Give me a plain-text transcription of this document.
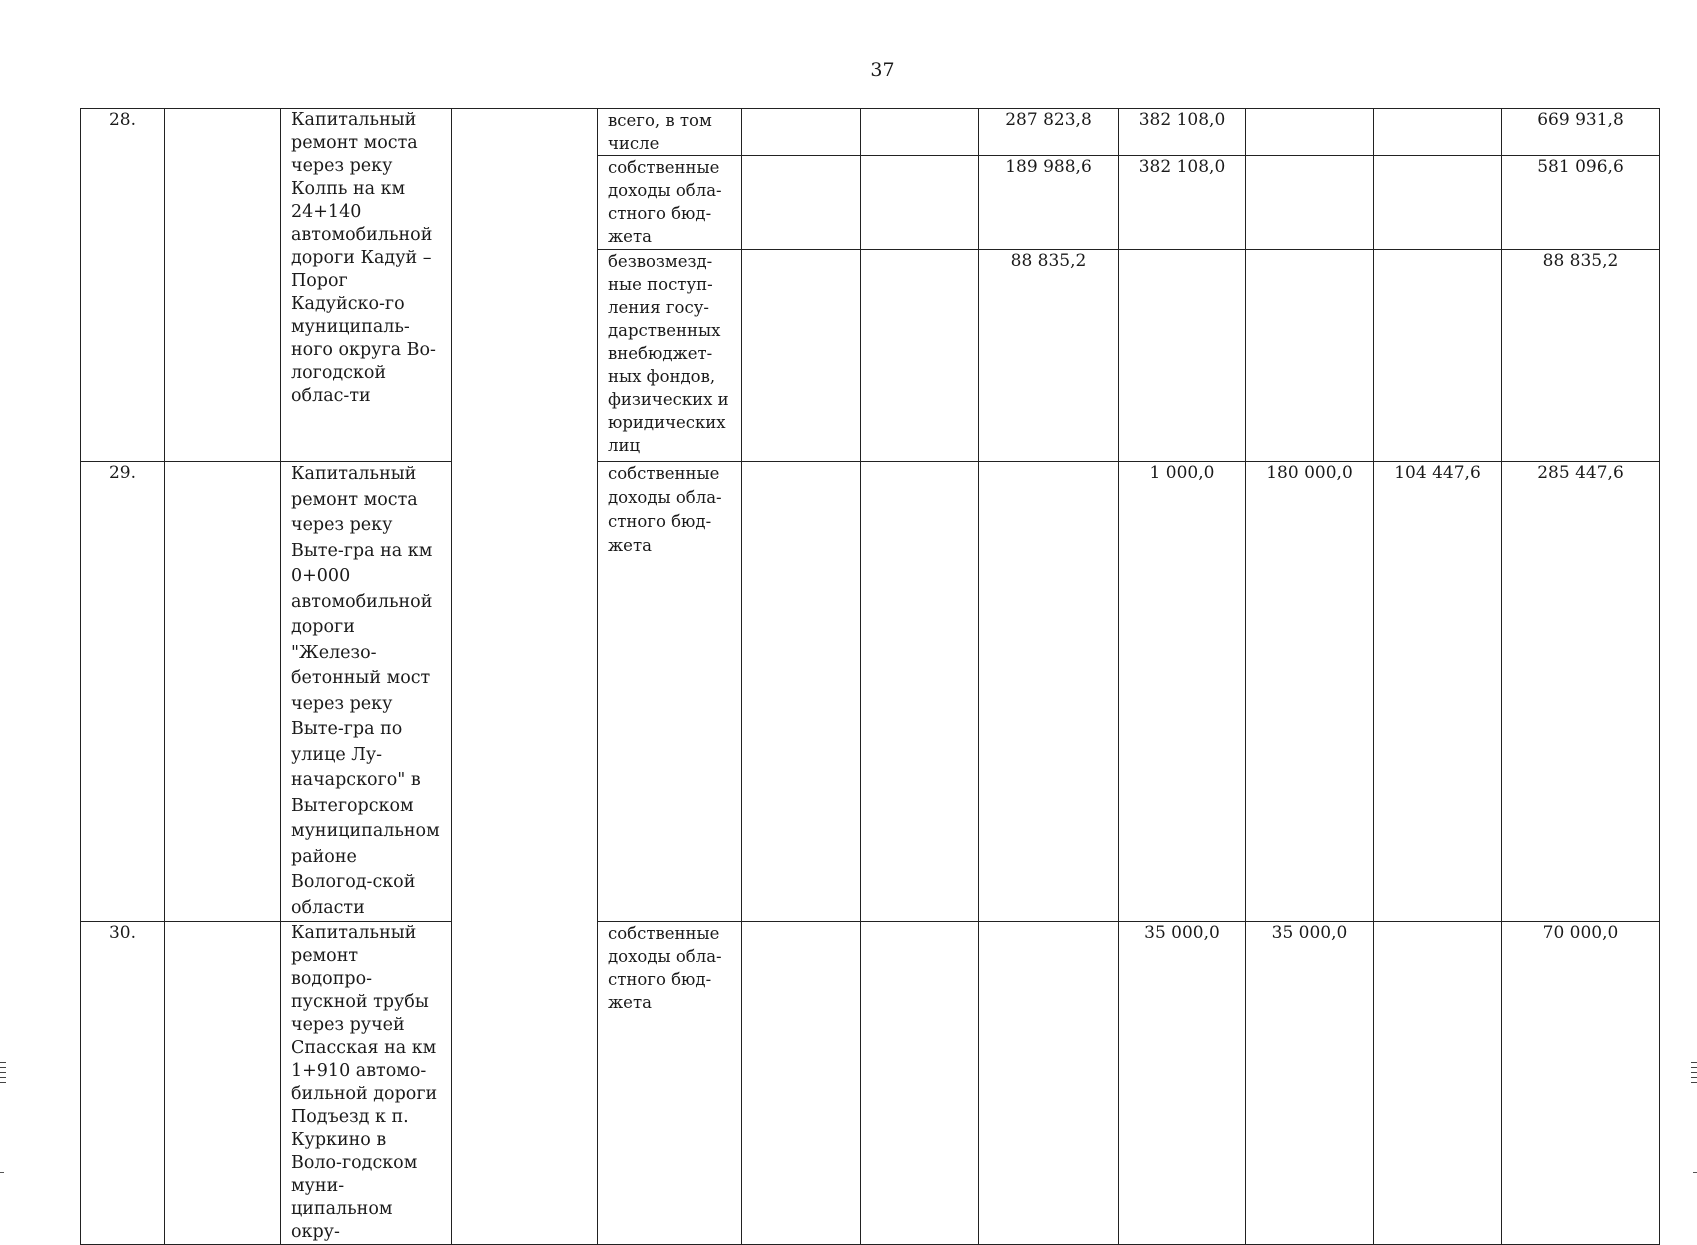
37
28.		Капитальный ремонт моста через реку Колпь на км 24+140 автомобильной дороги Кадуй – Порог Кадуйско-го муниципаль-ного округа Во-логодской облас-ти		всего, в том числе			287 823,8	382 108,0			669 931,8
				собственные доходы обла-стного бюд-жета			189 988,6	382 108,0			581 096,6
				безвозмезд-ные поступ-ления госу-дарственных внебюджет-ных фондов, физических и юридических лиц			88 835,2				88 835,2
29.		Капитальный ремонт моста через реку Выте-гра на км 0+000 автомобильной дороги "Железо-бетонный мост через реку Выте-гра по улице Лу-начарского" в Вытегорском муниципальном районе Вологод-ской области		собственные доходы обла-стного бюд-жета				1 000,0	180 000,0	104 447,6	285 447,6
30.		Капитальный ремонт водопро-пускной трубы через ручей Спасская на км 1+910 автомо-бильной дороги Подъезд к п. Куркино в Воло-годском муни-ципальном окру-		собственные доходы обла-стного бюд-жета				35 000,0	35 000,0		70 000,0
